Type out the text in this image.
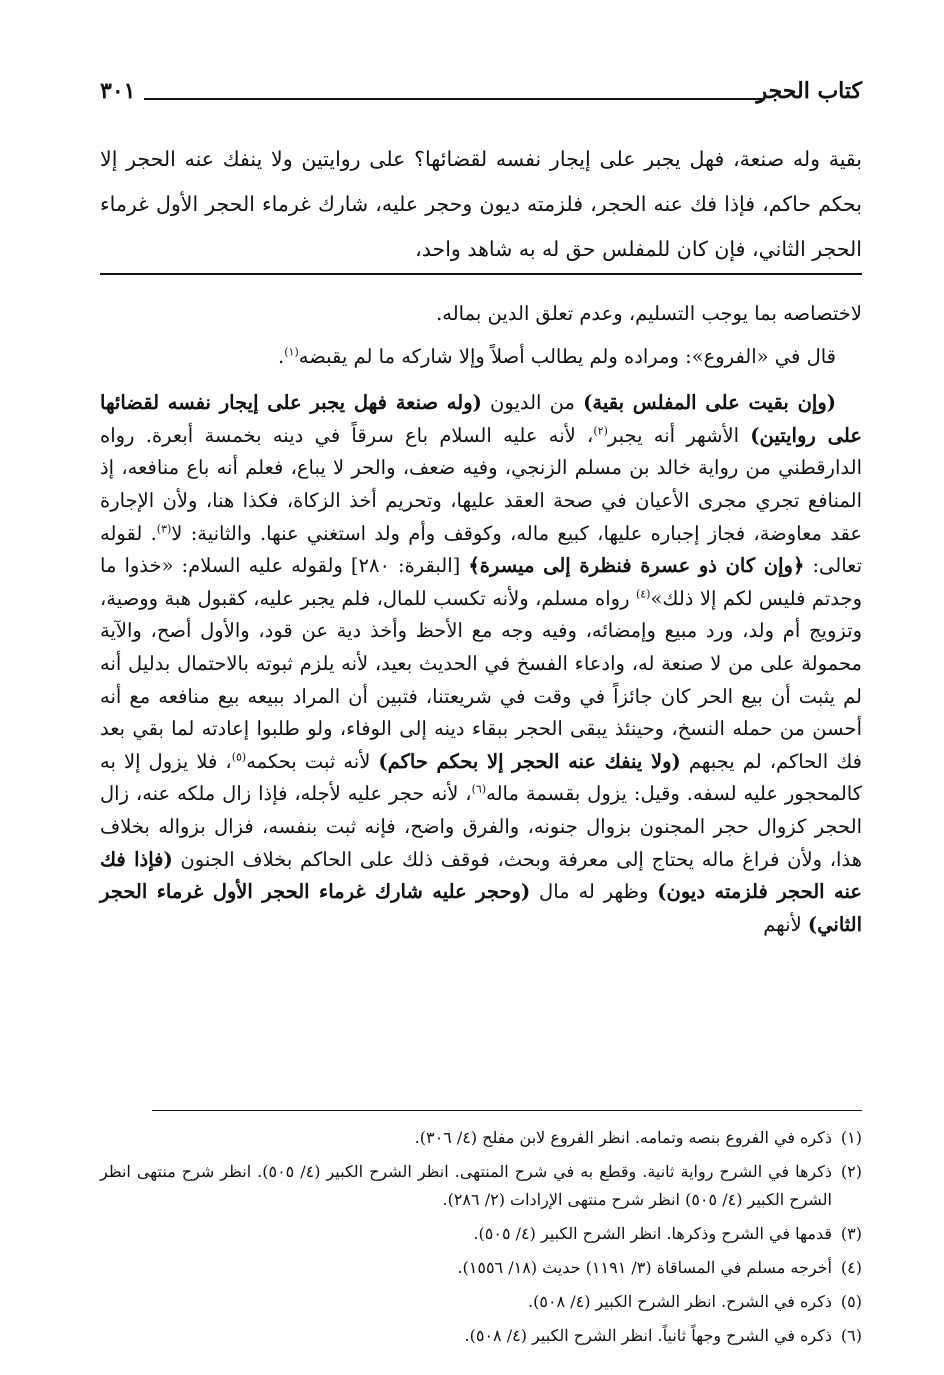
كتاب الحجر
٣٠١

بقية وله صنعة، فهل يجبر على إيجار نفسه لقضائها؟ على روايتين ولا ينفك عنه الحجر إلا بحكم حاكم، فإذا فك عنه الحجر، فلزمته ديون وحجر عليه، شارك غرماء الحجر الأول غرماء الحجر الثاني، فإن كان للمفلس حق له به شاهد واحد،

لاختصاصه بما يوجب التسليم، وعدم تعلق الدين بماله.

قال في «الفروع»: ومراده ولم يطالب أصلاً وإلا شاركه ما لم يقبضه$^{(١)}$.

(وإن بقيت على المفلس بقية) من الديون (وله صنعة فهل يجبر على إيجار نفسه لقضائها على روايتين) الأشهر أنه يجبر$^{(٢)}$، لأنه عليه السلام باع سرقاً في دينه بخمسة أبعرة. رواه الدارقطني من رواية خالد بن مسلم الزنجي، وفيه ضعف، والحر لا يباع، فعلم أنه باع منافعه، إذ المنافع تجري مجرى الأعيان في صحة العقد عليها، وتحريم أخذ الزكاة، فكذا هنا، ولأن الإجارة عقد معاوضة، فجاز إجباره عليها، كبيع ماله، وكوقف وأم ولد استغني عنها. والثانية: لا$^{(٣)}$. لقوله تعالى: ﴿وإن كان ذو عسرة فنظرة إلى ميسرة﴾ [البقرة: ٢٨٠] ولقوله عليه السلام: «خذوا ما وجدتم فليس لكم إلا ذلك»$^{(٤)}$ رواه مسلم، ولأنه تكسب للمال، فلم يجبر عليه، كقبول هبة ووصية، وتزويج أم ولد، ورد مبيع وإمضائه، وفيه وجه مع الأحظ وأخذ دية عن قود، والأول أصح، والآية محمولة على من لا صنعة له، وادعاء الفسخ في الحديث بعيد، لأنه يلزم ثبوته بالاحتمال بدليل أنه لم يثبت أن بيع الحر كان جائزاً في وقت في شريعتنا، فتبين أن المراد ببيعه بيع منافعه مع أنه أحسن من حمله النسخ، وحينئذ يبقى الحجر ببقاء دينه إلى الوفاء، ولو طلبوا إعادته لما بقي بعد فك الحاكم، لم يجبهم (ولا ينفك عنه الحجر إلا بحكم حاكم) لأنه ثبت بحكمه$^{(٥)}$، فلا يزول إلا به كالمحجور عليه لسفه. وقيل: يزول بقسمة ماله$^{(٦)}$، لأنه حجر عليه لأجله، فإذا زال ملكه عنه، زال الحجر كزوال حجر المجنون بزوال جنونه، والفرق واضح، فإنه ثبت بنفسه، فزال بزواله بخلاف هذا، ولأن فراغ ماله يحتاج إلى معرفة وبحث، فوقف ذلك على الحاكم بخلاف الجنون (فإذا فك عنه الحجر فلزمته ديون) وظهر له مال (وحجر عليه شارك غرماء الحجر الأول غرماء الحجر الثاني) لأنهم

(١)
ذكره في الفروع بنصه وتمامه. انظر الفروع لابن مفلح (٤/ ٣٠٦).
(٢)
ذكرها في الشرح رواية ثانية. وقطع به في شرح المنتهى. انظر الشرح الكبير (٤/ ٥٠٥). انظر شرح منتهى انظر الشرح الكبير (٤/ ٥٠٥) انظر شرح منتهى الإرادات (٢/ ٢٨٦).
(٣)
قدمها في الشرح وذكرها. انظر الشرح الكبير (٤/ ٥٠٥).
(٤)
أخرجه مسلم في المساقاة (٣/ ١١٩١) حديث (١٨/ ١٥٥٦).
(٥)
ذكره في الشرح. انظر الشرح الكبير (٤/ ٥٠٨).
(٦)
ذكره في الشرح وجهاً ثانياً. انظر الشرح الكبير (٤/ ٥٠٨).
